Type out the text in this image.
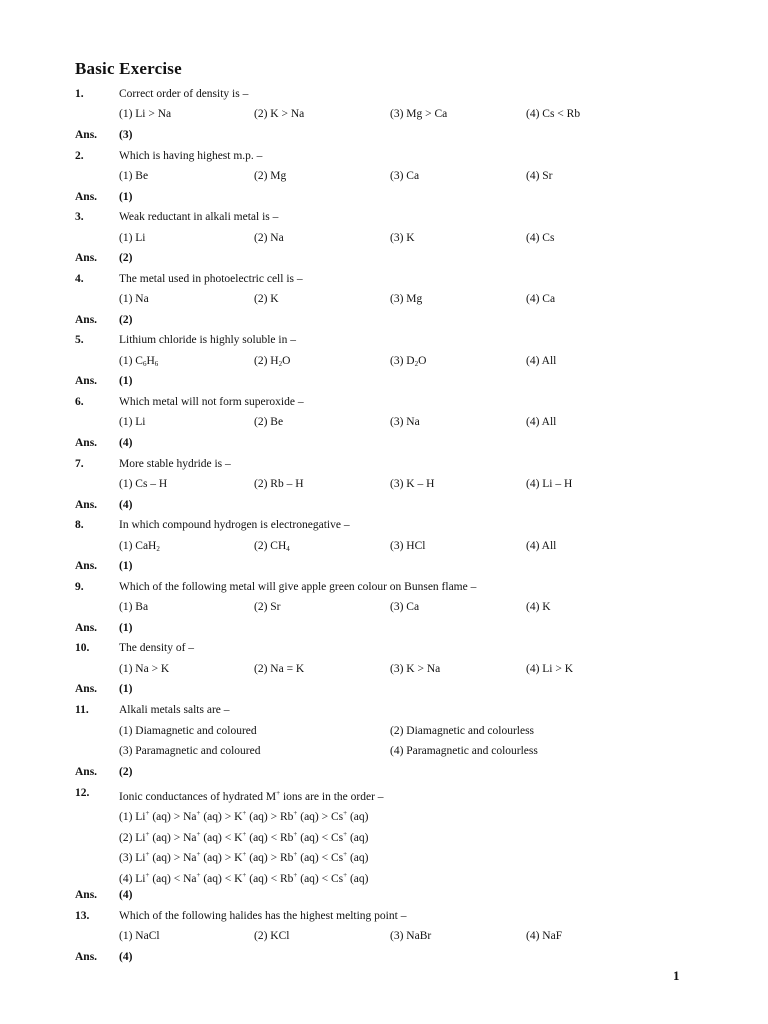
Basic Exercise
1.	Correct order of density is –
(1) Li > Na	(2) K > Na	(3) Mg > Ca	(4) Cs < Rb
Ans. (3)
2.	Which is having highest m.p. –
(1) Be	(2) Mg	(3) Ca	(4) Sr
Ans. (1)
3.	Weak reductant in alkali metal is –
(1) Li	(2) Na	(3) K	(4) Cs
Ans. (2)
4.	The metal used in photoelectric cell is –
(1) Na	(2) K	(3) Mg	(4) Ca
Ans. (2)
5.	Lithium chloride is highly soluble in –
(1) $C_6H_6$	(2) $H_2O$	(3) $D_2O$	(4) All
Ans. (1)
6.	Which metal will not form superoxide –
(1) Li	(2) Be	(3) Na	(4) All
Ans. (4)
7.	More stable hydride is –
(1) Cs – H	(2) Rb – H	(3) K – H	(4) Li – H
Ans. (4)
8.	In which compound hydrogen is electronegative –
(1) CaH$_2$	(2) $CH_4$	(3) HCl	(4) All
Ans. (1)
9.	Which of the following metal will give apple green colour on Bunsen flame –
(1) Ba	(2) Sr	(3) Ca	(4) K
Ans. (1)
10.	The density of –
(1) Na > K	(2) Na = K	(3) K > Na	(4) Li > K
Ans. (1)
11.	Alkali metals salts are –
(1) Diamagnetic and coloured	(2) Diamagnetic and colourless
(3) Paramagnetic and coloured	(4) Paramagnetic and colourless
Ans. (2)
12.	Ionic conductances of hydrated M+ ions are in the order –
(1) Li+ (aq) > Na+ (aq) > K+ (aq) > Rb+ (aq) > Cs+ (aq)
(2) Li+ (aq) > Na+ (aq) < K+ (aq) < Rb+ (aq) < Cs+ (aq)
(3) Li+ (aq) > Na+ (aq) > K+ (aq) > Rb+ (aq) < Cs+ (aq)
(4) Li+ (aq) < Na+ (aq) < K+ (aq) < Rb+ (aq) < Cs+ (aq)
Ans. (4)
13.	Which of the following halides has the highest melting point –
(1) NaCl	(2) KCl	(3) NaBr	(4) NaF
Ans. (4)
1
